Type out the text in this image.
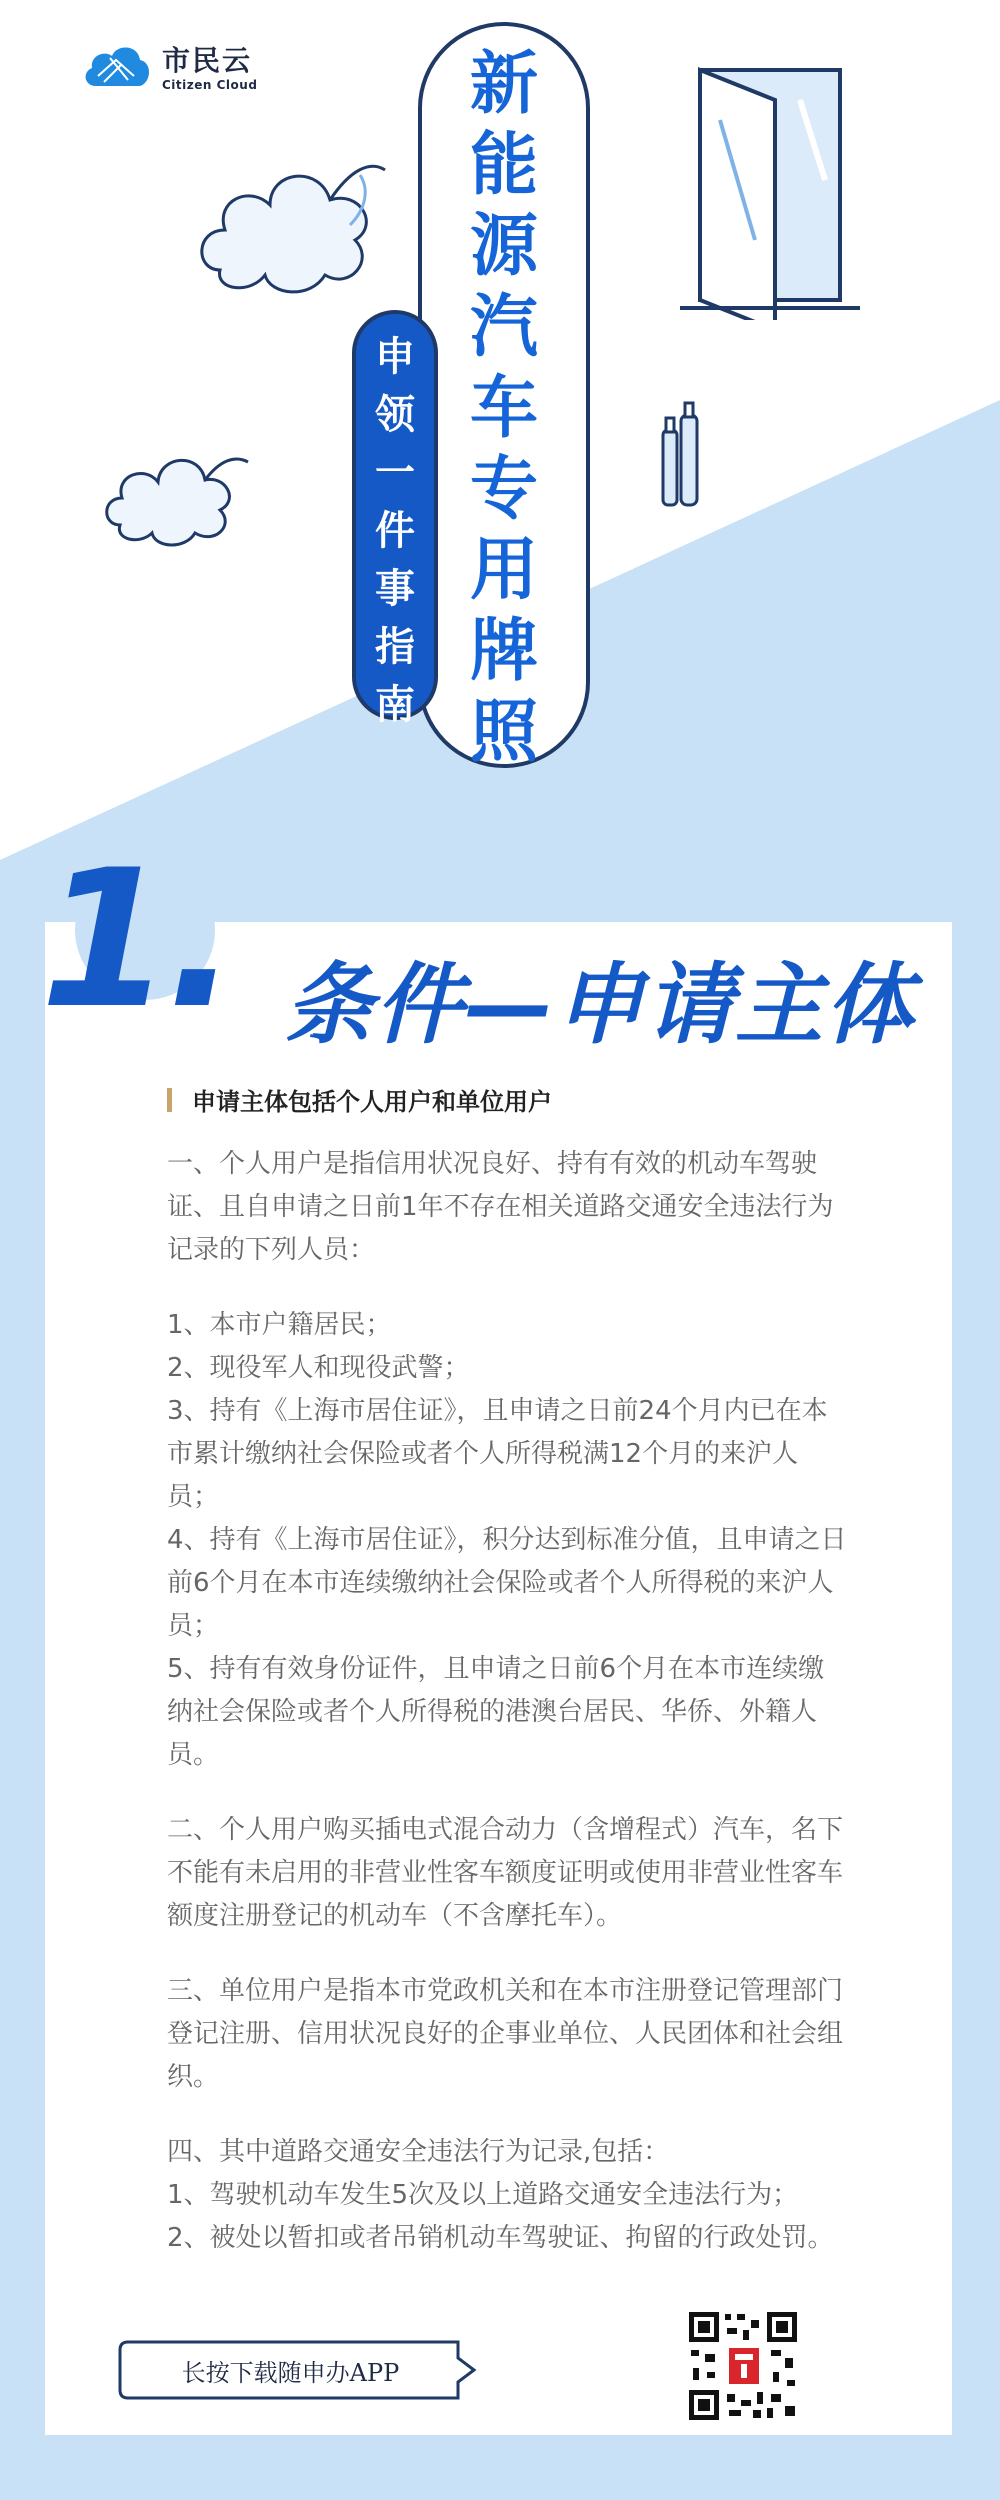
市民云
Citizen Cloud	新
能
源
汽
车
专
用
牌
照
申
领
一
件
事
指
南
1. 条件—申请主体
申请主体包括个人用户和单位用户

一、个人用户是指信用状况良好、持有有效的机动车驾驶证、且自申请之日前1年不存在相关道路交通安全违法行为记录的下列人员：

1、本市户籍居民；

2、现役军人和现役武警；

3、持有《上海市居住证》，且申请之日前24个月内已在本市累计缴纳社会保险或者个人所得税满12个月的来沪人员；

4、持有《上海市居住证》，积分达到标准分值，且申请之日前6个月在本市连续缴纳社会保险或者个人所得税的来沪人员；

5、持有有效身份证件，且申请之日前6个月在本市连续缴纳社会保险或者个人所得税的港澳台居民、华侨、外籍人员。

二、个人用户购买插电式混合动力（含增程式）汽车，名下不能有未启用的非营业性客车额度证明或使用非营业性客车额度注册登记的机动车（不含摩托车）。

三、单位用户是指本市党政机关和在本市注册登记管理部门登记注册、信用状况良好的企事业单位、人民团体和社会组织。

四、其中道路交通安全违法行为记录,包括：

1、驾驶机动车发生5次及以上道路交通安全违法行为；

2、被处以暂扣或者吊销机动车驾驶证、拘留的行政处罚。

长按下载随申办APP
